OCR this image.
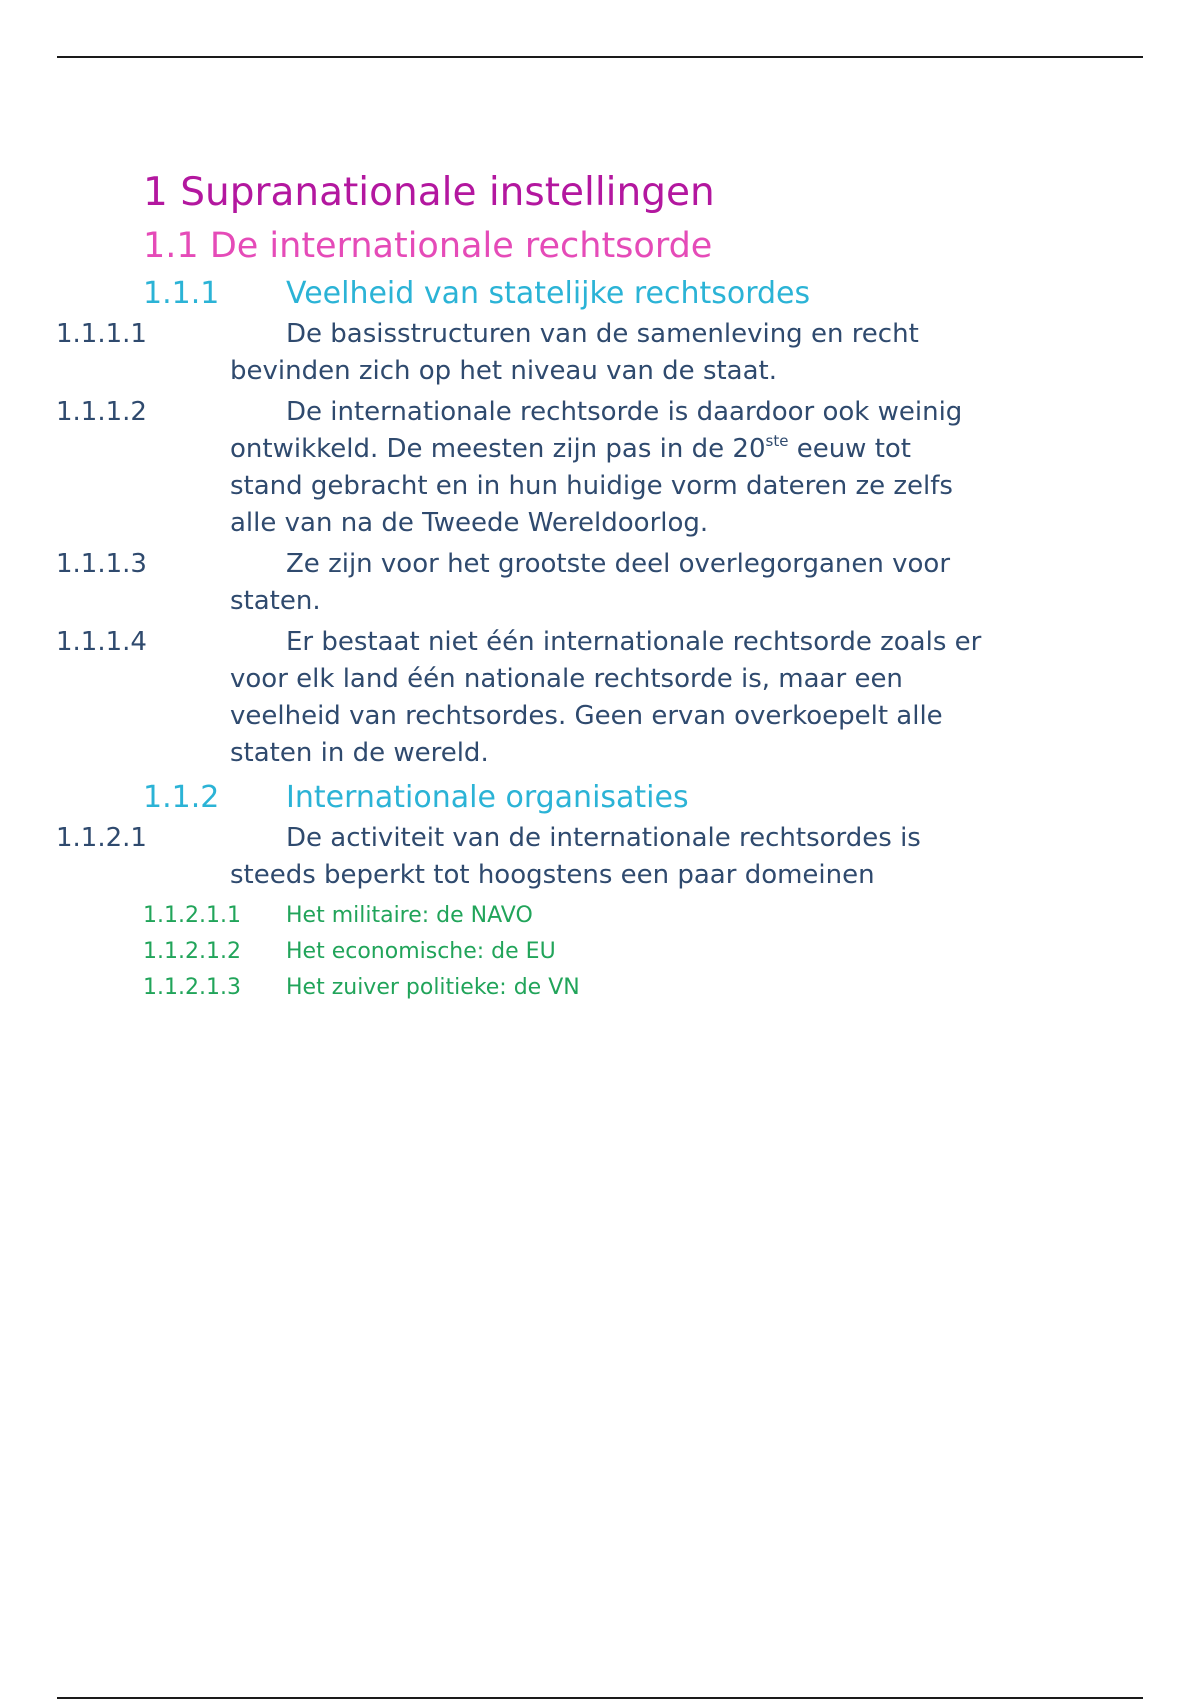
1 Supranationale instellingen
1.1 De internationale rechtsorde
1.1.1	Veelheid van statelijke rechtsordes
1.1.1.1	De basisstructuren van de samenleving en recht
bevinden zich op het niveau van de staat.
1.1.1.2	De internationale rechtsorde is daardoor ook weinig
ontwikkeld. De meesten zijn pas in de 20ste eeuw tot
stand gebracht en in hun huidige vorm dateren ze zelfs
alle van na de Tweede Wereldoorlog.
1.1.1.3	Ze zijn voor het grootste deel overlegorganen voor
staten.
1.1.1.4	Er bestaat niet één internationale rechtsorde zoals er
voor elk land één nationale rechtsorde is, maar een
veelheid van rechtsordes. Geen ervan overkoepelt alle
staten in de wereld.
1.1.2	Internationale organisaties
1.1.2.1	De activiteit van de internationale rechtsordes is
steeds beperkt tot hoogstens een paar domeinen
1.1.2.1.1	Het militaire: de NAVO
1.1.2.1.2	Het economische: de EU
1.1.2.1.3	Het zuiver politieke: de VN
